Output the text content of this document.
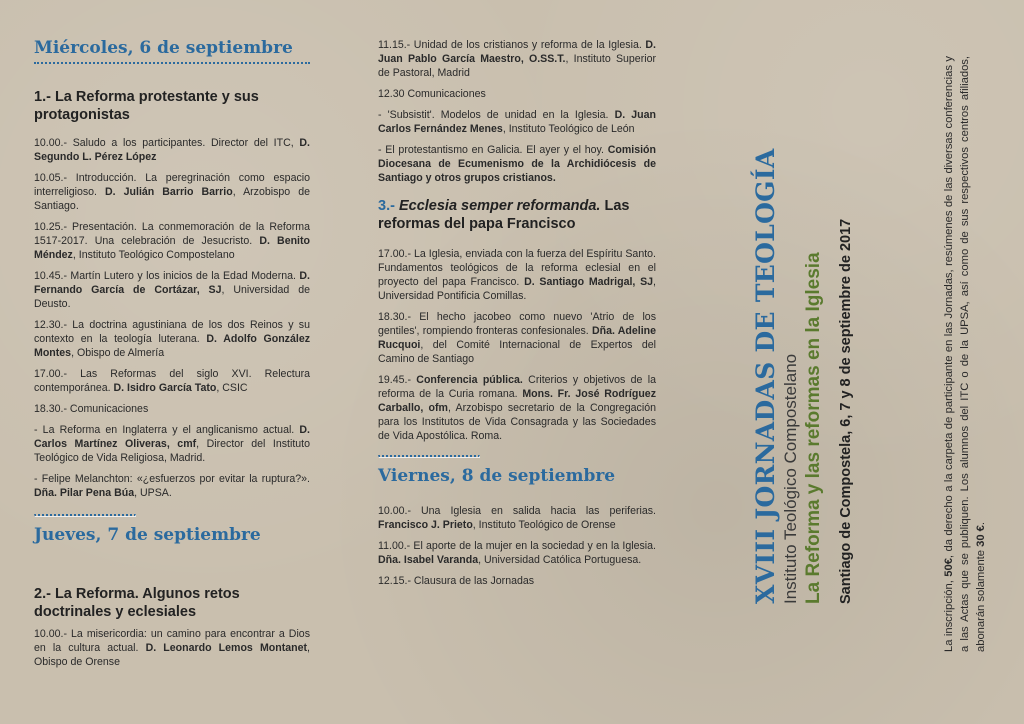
Miércoles, 6 de septiembre
1.- La Reforma protestante y sus protagonistas

10.00.- Saludo a los participantes. Director del ITC, D. Segundo L. Pérez López

10.05.- Introducción. La peregrinación como espacio interreligioso. D. Julián Barrio Barrio, Arzobispo de Santiago.

10.25.- Presentación. La conmemoración de la Reforma 1517-2017. Una celebración de Jesucristo. D. Benito Méndez, Instituto Teológico Compostelano

10.45.- Martín Lutero y los inicios de la Edad Moderna. D. Fernando García de Cortázar, SJ, Universidad de Deusto.

12.30.- La doctrina agustiniana de los dos Reinos y su contexto en la teología luterana. D. Adolfo González Montes, Obispo de Almería

17.00.- Las Reformas del siglo XVI. Relectura contemporánea. D. Isidro García Tato, CSIC

18.30.- Comunicaciones

- La Reforma en Inglaterra y el anglicanismo actual. D. Carlos Martínez Oliveras, cmf, Director del Instituto Teológico de Vida Religiosa, Madrid.

- Felipe Melanchton: «¿esfuerzos por evitar la ruptura?». Dña. Pilar Pena Búa, UPSA.

Jueves, 7 de septiembre
2.- La Reforma. Algunos retos doctrinales y eclesiales

10.00.- La misericordia: un camino para encontrar a Dios en la cultura actual. D. Leonardo Lemos Montanet, Obispo de Orense

11.15.- Unidad de los cristianos y reforma de la Iglesia. D. Juan Pablo García Maestro, O.SS.T., Instituto Superior de Pastoral, Madrid

12.30 Comunicaciones

- 'Subsistit'. Modelos de unidad en la Iglesia. D. Juan Carlos Fernández Menes, Instituto Teológico de León

- El protestantismo en Galicia. El ayer y el hoy. Comisión Diocesana de Ecumenismo de la Archidiócesis de Santiago y otros grupos cristianos.

3.- Ecclesia semper reformanda. Las reformas del papa Francisco

17.00.- La Iglesia, enviada con la fuerza del Espíritu Santo. Fundamentos teológicos de la reforma eclesial en el proyecto del papa Francisco. D. Santiago Madrigal, SJ, Universidad Pontificia Comillas.

18.30.- El hecho jacobeo como nuevo 'Atrio de los gentiles', rompiendo fronteras confesionales. Dña. Adeline Rucquoi, del Comité Internacional de Expertos del Camino de Santiago

19.45.- Conferencia pública. Criterios y objetivos de la reforma de la Curia romana. Mons. Fr. José Rodríguez Carballo, ofm, Arzobispo secretario de la Congregación para los Institutos de Vida Consagrada y las Sociedades de Vida Apostólica. Roma.

Viernes, 8 de septiembre

10.00.- Una Iglesia en salida hacia las periferias. Francisco J. Prieto, Instituto Teológico de Orense

11.00.- El aporte de la mujer en la sociedad y en la Iglesia. Dña. Isabel Varanda, Universidad Católica Portuguesa.

12.15.- Clausura de las Jornadas	XVIII JORNADAS DE TEOLOGÍA Instituto Teológico Compostelano La Reforma y las reformas en la Iglesia Santiago de Compostela, 6, 7 y 8 de septiembre de 2017
La inscripción, 50€, da derecho a la carpeta de participante en las Jornadas, resúmenes de las diversas conferencias y a las Actas que se publiquen. Los alumnos del ITC o de la UPSA, así como de sus respectivos centros afiliados, abonarán solamente 30 €.
